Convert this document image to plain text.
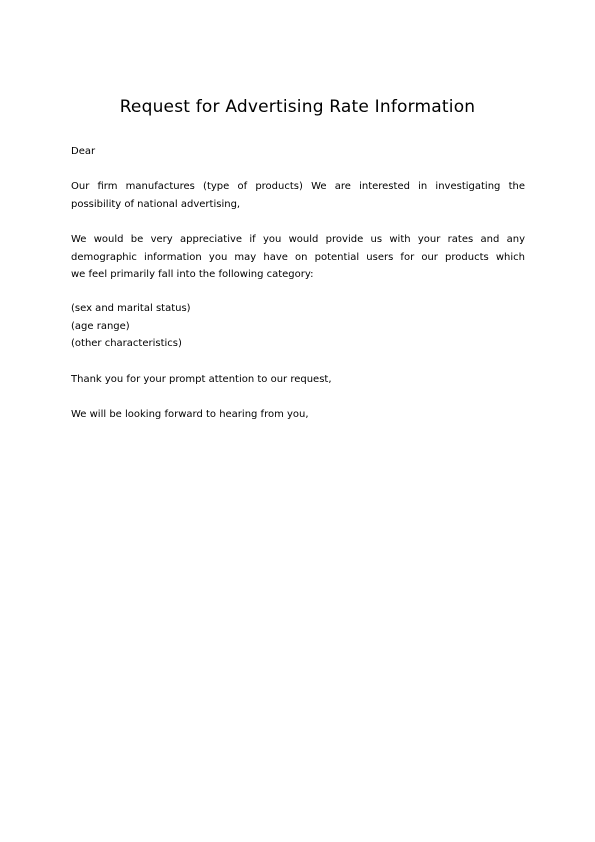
Request for Advertising Rate Information
Dear
Our firm manufactures (type of products) We are interested in investigating the
possibility of national advertising,
We would be very appreciative if you would provide us with your rates and any
demographic information you may have on potential users for our products which
we feel primarily fall into the following category:
(sex and marital status)
(age range)
(other characteristics)
Thank you for your prompt attention to our request,
We will be looking forward to hearing from you,
